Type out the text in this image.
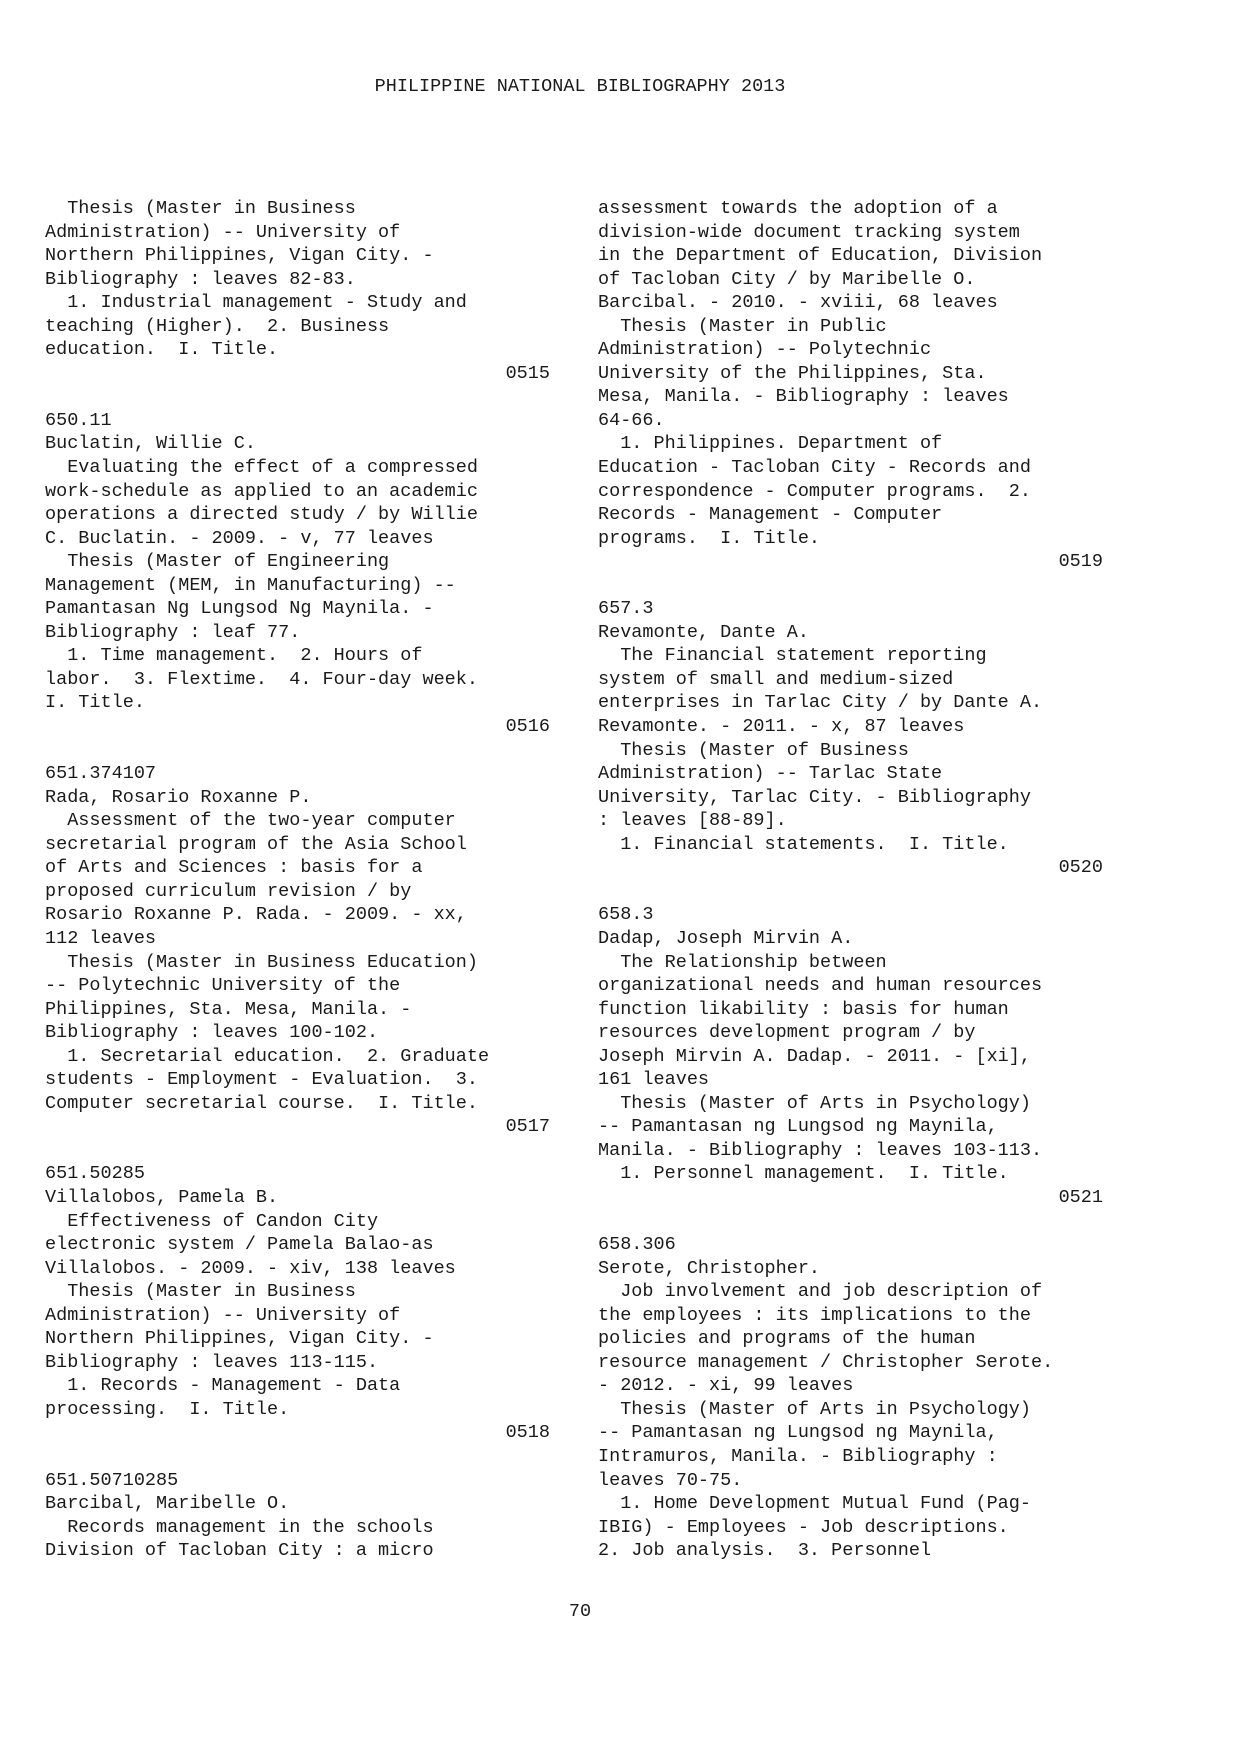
PHILIPPINE NATIONAL BIBLIOGRAPHY 2013
Thesis (Master in Business
Administration) -- University of
Northern Philippines, Vigan City. -
Bibliography : leaves 82-83.
1. Industrial management - Study and
teaching (Higher).  2. Business
education.  I. Title.
0515
650.11
Buclatin, Willie C.
Evaluating the effect of a compressed
work-schedule as applied to an academic
operations a directed study / by Willie
C. Buclatin. - 2009. - v, 77 leaves
Thesis (Master of Engineering
Management (MEM, in Manufacturing) --
Pamantasan Ng Lungsod Ng Maynila. -
Bibliography : leaf 77.
1. Time management.  2. Hours of
labor.  3. Flextime.  4. Four-day week.
I. Title.
0516
651.374107
Rada, Rosario Roxanne P.
Assessment of the two-year computer
secretarial program of the Asia School
of Arts and Sciences : basis for a
proposed curriculum revision / by
Rosario Roxanne P. Rada. - 2009. - xx,
112 leaves
Thesis (Master in Business Education)
-- Polytechnic University of the
Philippines, Sta. Mesa, Manila. -
Bibliography : leaves 100-102.
1. Secretarial education.  2. Graduate
students - Employment - Evaluation.  3.
Computer secretarial course.  I. Title.
0517
651.50285
Villalobos, Pamela B.
Effectiveness of Candon City
electronic system / Pamela Balao-as
Villalobos. - 2009. - xiv, 138 leaves
Thesis (Master in Business
Administration) -- University of
Northern Philippines, Vigan City. -
Bibliography : leaves 113-115.
1. Records - Management - Data
processing.  I. Title.
0518
651.50710285
Barcibal, Maribelle O.
Records management in the schools
Division of Tacloban City : a micro
assessment towards the adoption of a
division-wide document tracking system
in the Department of Education, Division
of Tacloban City / by Maribelle O.
Barcibal. - 2010. - xviii, 68 leaves
Thesis (Master in Public
Administration) -- Polytechnic
University of the Philippines, Sta.
Mesa, Manila. - Bibliography : leaves
64-66.
1. Philippines. Department of
Education - Tacloban City - Records and
correspondence - Computer programs.  2.
Records - Management - Computer
programs.  I. Title.
0519
657.3
Revamonte, Dante A.
The Financial statement reporting
system of small and medium-sized
enterprises in Tarlac City / by Dante A.
Revamonte. - 2011. - x, 87 leaves
Thesis (Master of Business
Administration) -- Tarlac State
University, Tarlac City. - Bibliography
: leaves [88-89].
1. Financial statements.  I. Title.
0520
658.3
Dadap, Joseph Mirvin A.
The Relationship between
organizational needs and human resources
function likability : basis for human
resources development program / by
Joseph Mirvin A. Dadap. - 2011. - [xi],
161 leaves
Thesis (Master of Arts in Psychology)
-- Pamantasan ng Lungsod ng Maynila,
Manila. - Bibliography : leaves 103-113.
1. Personnel management.  I. Title.
0521
658.306
Serote, Christopher.
Job involvement and job description of
the employees : its implications to the
policies and programs of the human
resource management / Christopher Serote.
- 2012. - xi, 99 leaves
Thesis (Master of Arts in Psychology)
-- Pamantasan ng Lungsod ng Maynila,
Intramuros, Manila. - Bibliography :
leaves 70-75.
1. Home Development Mutual Fund (Pag-
IBIG) - Employees - Job descriptions.
2. Job analysis.  3. Personnel
70
